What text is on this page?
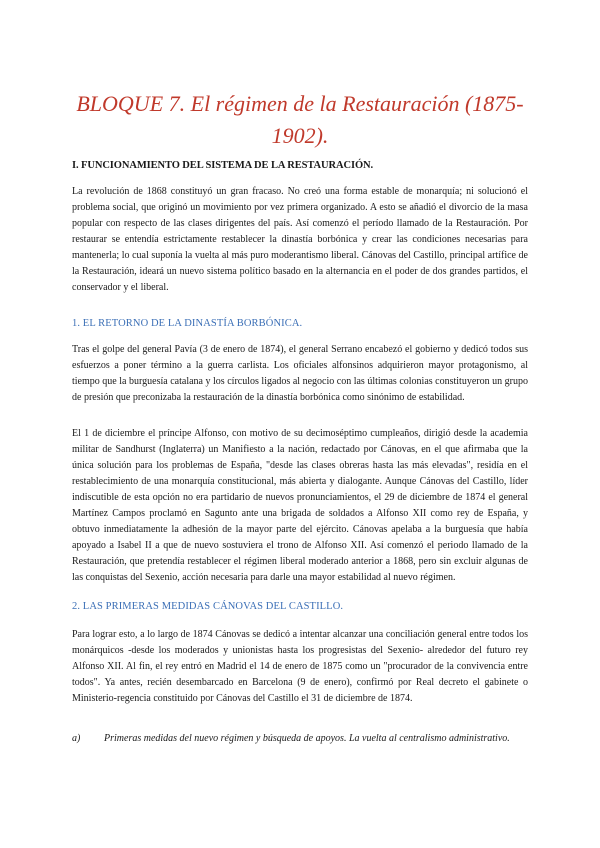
BLOQUE 7. El régimen de la Restauración (1875-1902).
I. FUNCIONAMIENTO DEL SISTEMA DE LA RESTAURACIÓN.
La revolución de 1868 constituyó un gran fracaso. No creó una forma estable de monarquía; ni solucionó el problema social, que originó un movimiento por vez primera organizado. A esto se añadió el divorcio de la masa popular con respecto de las clases dirigentes del país. Así comenzó el período llamado de la Restauración. Por restaurar se entendía estrictamente restablecer la dinastía borbónica y crear las condiciones necesarias para mantenerla; lo cual suponía la vuelta al más puro moderantismo liberal. Cánovas del Castillo, principal artífice de la Restauración, ideará un nuevo sistema político basado en la alternancia en el poder de dos grandes partidos, el conservador y el liberal.
1. EL RETORNO DE LA DINASTÍA BORBÓNICA.
Tras el golpe del general Pavía (3 de enero de 1874), el general Serrano encabezó el gobierno y dedicó todos sus esfuerzos a poner término a la guerra carlista. Los oficiales alfonsinos adquirieron mayor protagonismo, al tiempo que la burguesía catalana y los círculos ligados al negocio con las últimas colonias constituyeron un grupo de presión que preconizaba la restauración de la dinastía borbónica como sinónimo de estabilidad.
El 1 de diciembre el príncipe Alfonso, con motivo de su decimoséptimo cumpleaños, dirigió desde la academia militar de Sandhurst (Inglaterra) un Manifiesto a la nación, redactado por Cánovas, en el que afirmaba que la única solución para los problemas de España, "desde las clases obreras hasta las más elevadas", residía en el restablecimiento de una monarquía constitucional, más abierta y dialogante. Aunque Cánovas del Castillo, líder indiscutible de esta opción no era partidario de nuevos pronunciamientos, el 29 de diciembre de 1874 el general Martínez Campos proclamó en Sagunto ante una brigada de soldados a Alfonso XII como rey de España, y obtuvo inmediatamente la adhesión de la mayor parte del ejército. Cánovas apelaba a la burguesía que había apoyado a Isabel II a que de nuevo sostuviera el trono de Alfonso XII. Así comenzó el periodo llamado de la Restauración, que pretendía restablecer el régimen liberal moderado anterior a 1868, pero sin excluir algunas de las conquistas del Sexenio, acción necesaria para darle una mayor estabilidad al nuevo régimen.
2. LAS PRIMERAS MEDIDAS CÁNOVAS DEL CASTILLO.
Para lograr esto, a lo largo de 1874 Cánovas se dedicó a intentar alcanzar una conciliación general entre todos los monárquicos -desde los moderados y unionistas hasta los progresistas del Sexenio- alrededor del futuro rey Alfonso XII. Al fin, el rey entró en Madrid el 14 de enero de 1875 como un "procurador de la convivencia entre todos". Ya antes, recién desembarcado en Barcelona (9 de enero), confirmó por Real decreto el gabinete o Ministerio-regencia constituido por Cánovas del Castillo el 31 de diciembre de 1874.
a) Primeras medidas del nuevo régimen y búsqueda de apoyos. La vuelta al centralismo administrativo.
